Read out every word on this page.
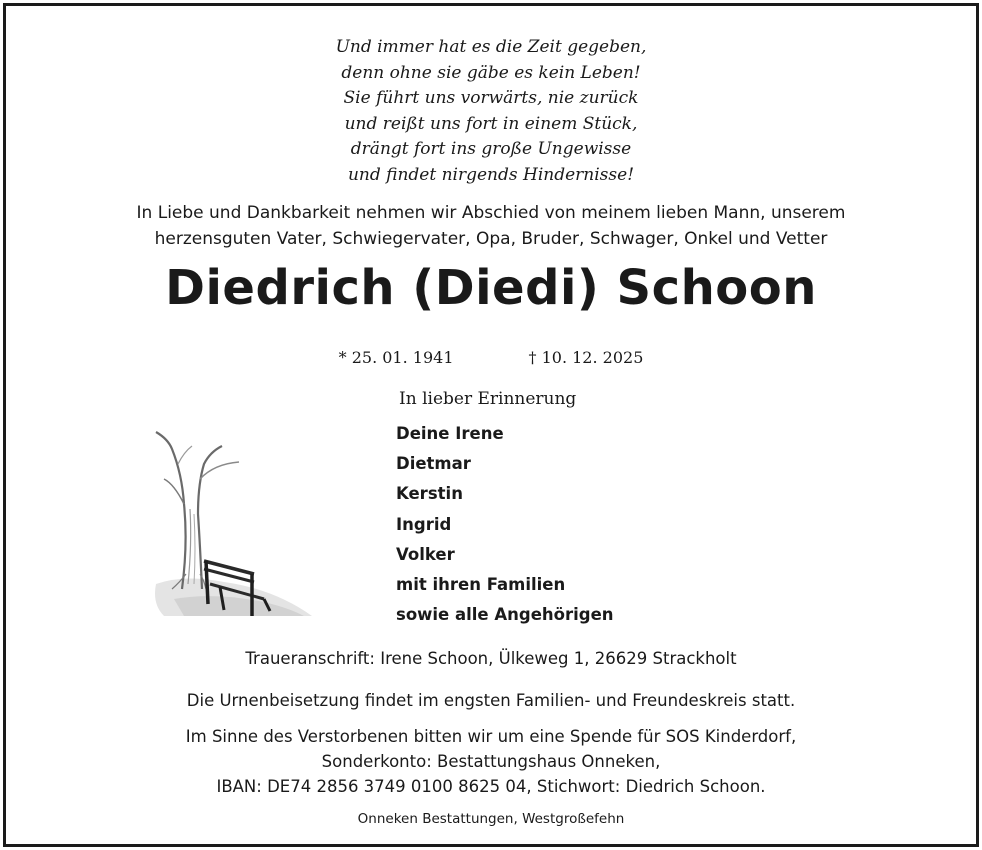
Und immer hat es die Zeit gegeben,
denn ohne sie gäbe es kein Leben!
Sie führt uns vorwärts, nie zurück
und reißt uns fort in einem Stück,
drängt fort ins große Ungewisse
und findet nirgends Hindernisse!
In Liebe und Dankbarkeit nehmen wir Abschied von meinem lieben Mann, unserem
herzensguten Vater, Schwiegervater, Opa, Bruder, Schwager, Onkel und Vetter
Diedrich (Diedi) Schoon
* 25. 01. 1941	† 10. 12. 2025
In lieber Erinnerung
Deine Irene
Dietmar
Kerstin
Ingrid
Volker
mit ihren Familien
sowie alle Angehörigen
Traueranschrift: Irene Schoon, Ülkeweg 1, 26629 Strackholt
Die Urnenbeisetzung findet im engsten Familien- und Freundeskreis statt.
Im Sinne des Verstorbenen bitten wir um eine Spende für SOS Kinderdorf,
Sonderkonto: Bestattungshaus Onneken,
IBAN: DE74 2856 3749 0100 8625 04, Stichwort: Diedrich Schoon.
Onneken Bestattungen, Westgroßefehn
